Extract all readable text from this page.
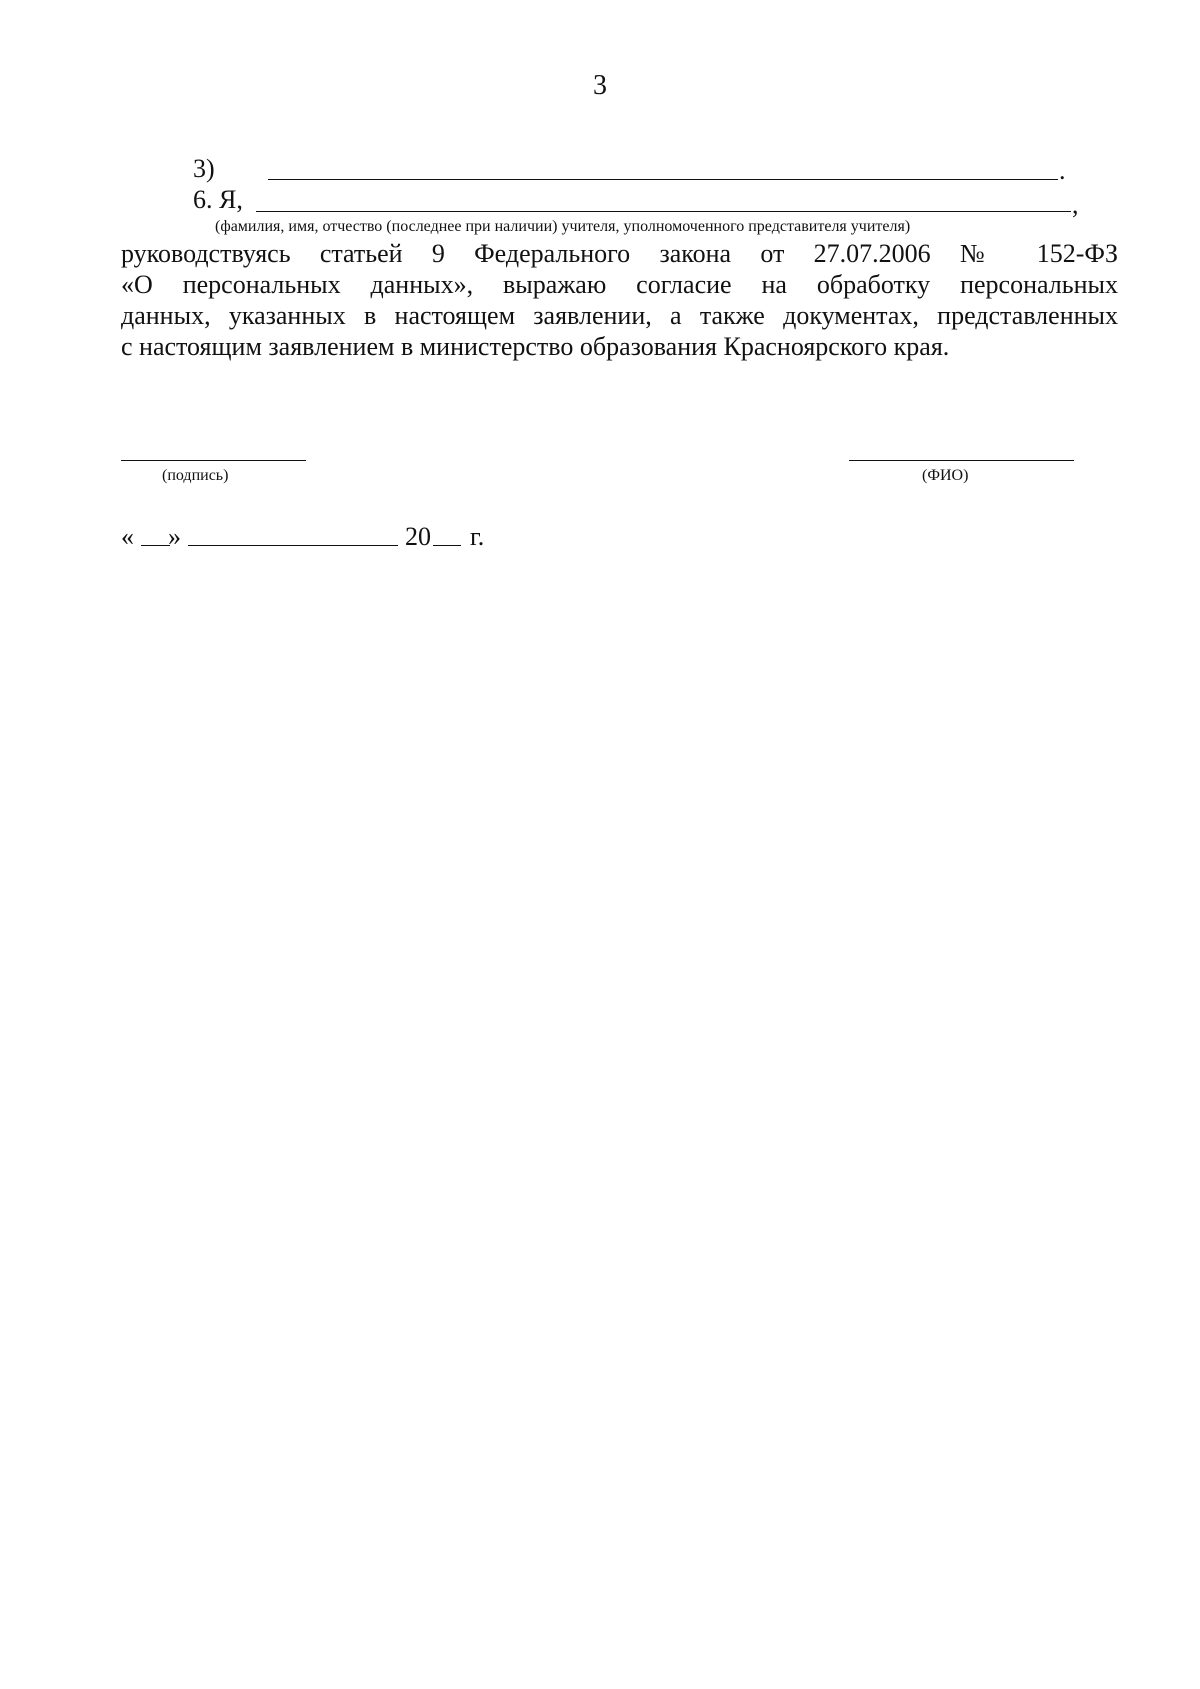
3
3)	.
6. Я,	,
(фамилия, имя, отчество (последнее при наличии) учителя, уполномоченного представителя учителя)
руководствуясь статьей 9 Федерального закона от 27.07.2006 № 152-ФЗ
«О персональных данных», выражаю согласие на обработку персональных
данных, указанных в настоящем заявлении, а также документах, представленных
с настоящим заявлением в министерство образования Красноярского края.
(подпись)	(ФИО)
« »	20 г.
